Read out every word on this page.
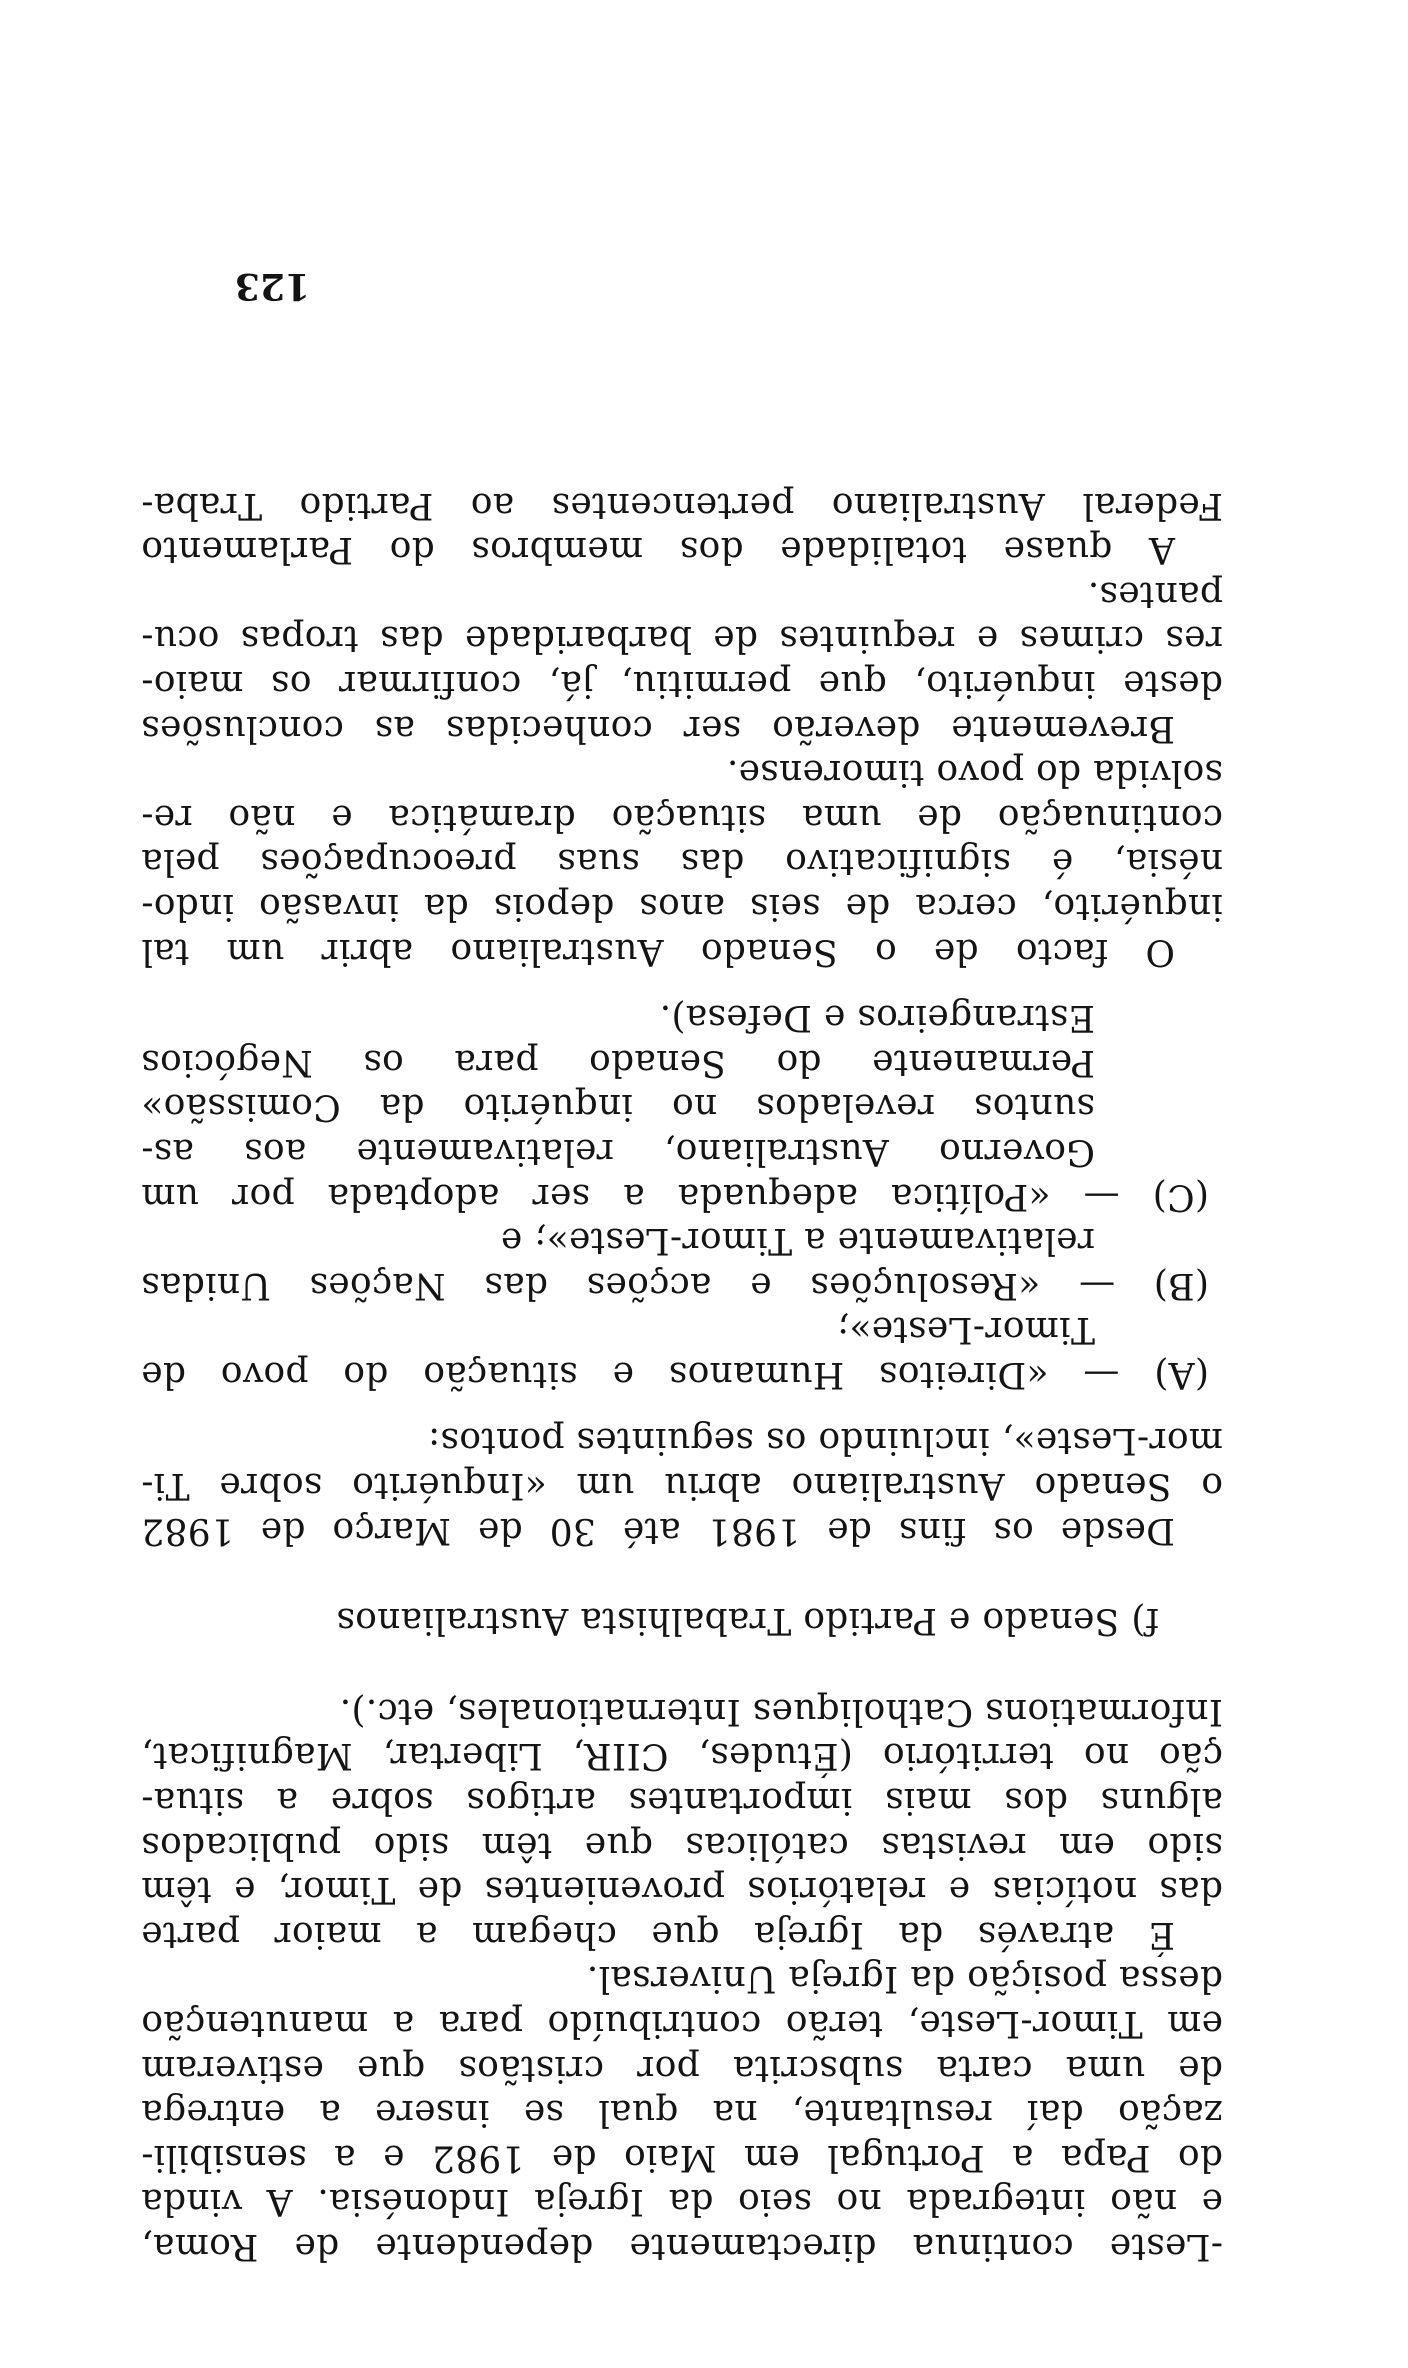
-Leste continua directamente dependente de Roma,
e não integrada no seio da Igreja Indonésia. A vinda
do Papa a Portugal em Maio de 1982 e a sensibili-
zação daí resultante, na qual se insere a entrega
de uma carta subscrita por cristãos que estiveram
em Timor-Leste, terão contribuído para a manutenção
dessa posição da Igreja Universal.
É através da Igreja que chegam a maior parte
das notícias e relatórios provenientes de Timor, e têm
sido em revistas católicas que têm sido publicados
alguns dos mais importantes artigos sobre a situa-
ção no território (Études, CIIR, Libertar, Magnificat,
Informations Catholiques Internationales, etc.).
f) Senado e Partido Trabalhista Australianos
Desde os fins de 1981 até 30 de Março de 1982
o Senado Australiano abriu um «Inquérito sobre Ti-
mor-Leste», incluindo os seguintes pontos:
(A) — «Direitos Humanos e situação do povo de
Timor-Leste»;
(B) — «Resoluções e acções das Nações Unidas
relativamente a Timor-Leste»; e
(C) — «Política adequada a ser adoptada por um
Governo Australiano, relativamente aos as-
suntos revelados no inquérito da Comissão»
Permanente do Senado para os Negócios
Estrangeiros e Defesa).
O facto de o Senado Australiano abrir um tal
inquérito, cerca de seis anos depois da invasão indo-
nésia, é significativo das suas preocupações pela
continuação de uma situação dramática e não re-
solvida do povo timorense.
Brevemente deverão ser conhecidas as conclusões
deste inquérito, que permitiu, já, confirmar os maio-
res crimes e requintes de barbaridade das tropas ocu-
pantes.
A quase totalidade dos membros do Parlamento
Federal Australiano pertencentes ao Partido Traba-
123
